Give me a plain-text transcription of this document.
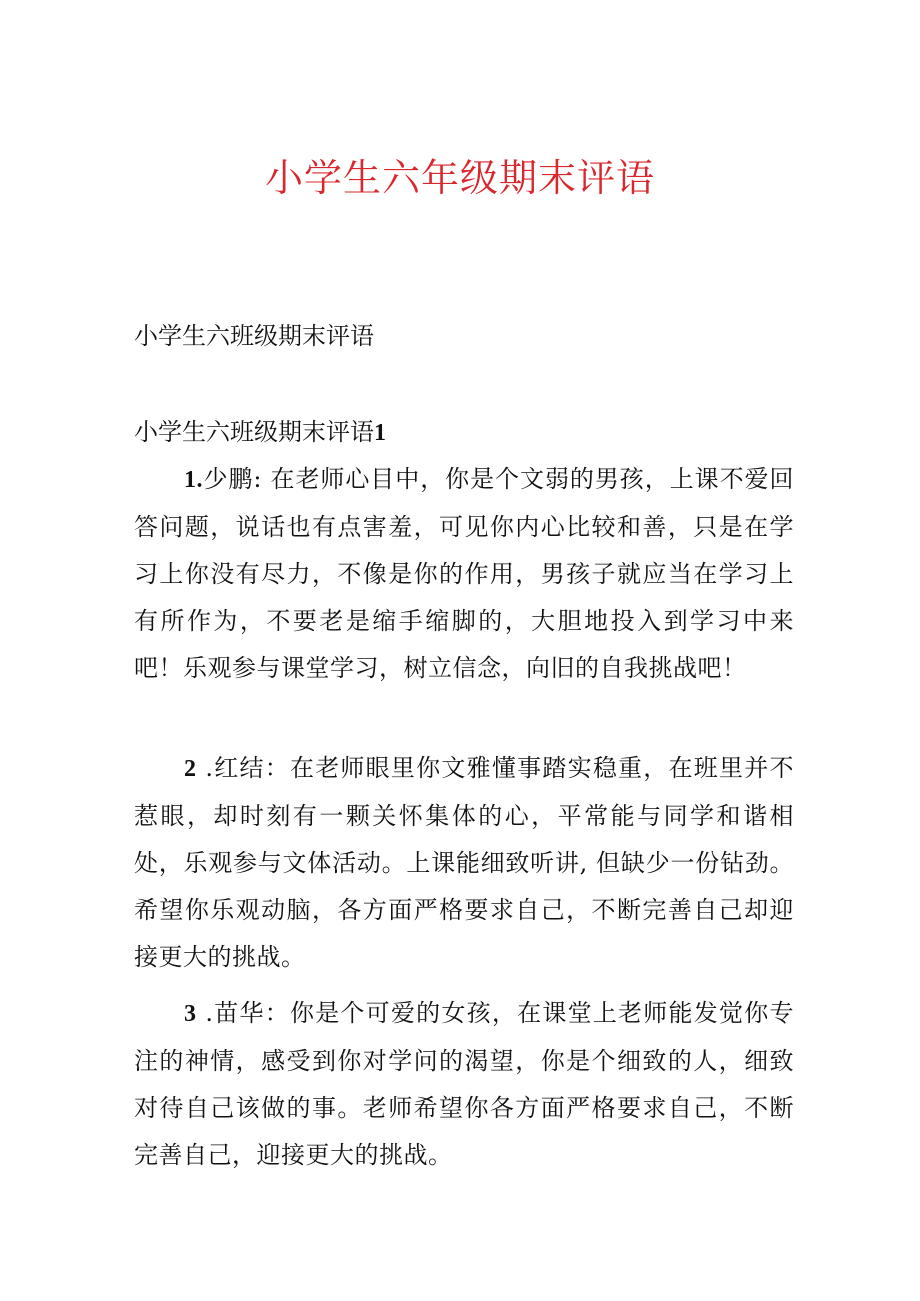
小学生六年级期末评语

小学生六班级期末评语

小学生六班级期末评语1

1.少鹏: 在老师心目中，你是个文弱的男孩，上课不爱回答问题，说话也有点害羞，可见你内心比较和善，只是在学习上你没有尽力，不像是你的作用，男孩子就应当在学习上有所作为，不要老是缩手缩脚的，大胆地投入到学习中来吧！乐观参与课堂学习，树立信念，向旧的自我挑战吧！

2 .红结：在老师眼里你文雅懂事踏实稳重，在班里并不惹眼，却时刻有一颗关怀集体的心，平常能与同学和谐相处，乐观参与文体活动。上课能细致听讲, 但缺少一份钻劲。希望你乐观动脑，各方面严格要求自己，不断完善自己却迎接更大的挑战。

3 .苗华：你是个可爱的女孩，在课堂上老师能发觉你专注的神情，感受到你对学问的渴望，你是个细致的人，细致对待自己该做的事。老师希望你各方面严格要求自己，不断完善自己，迎接更大的挑战。
